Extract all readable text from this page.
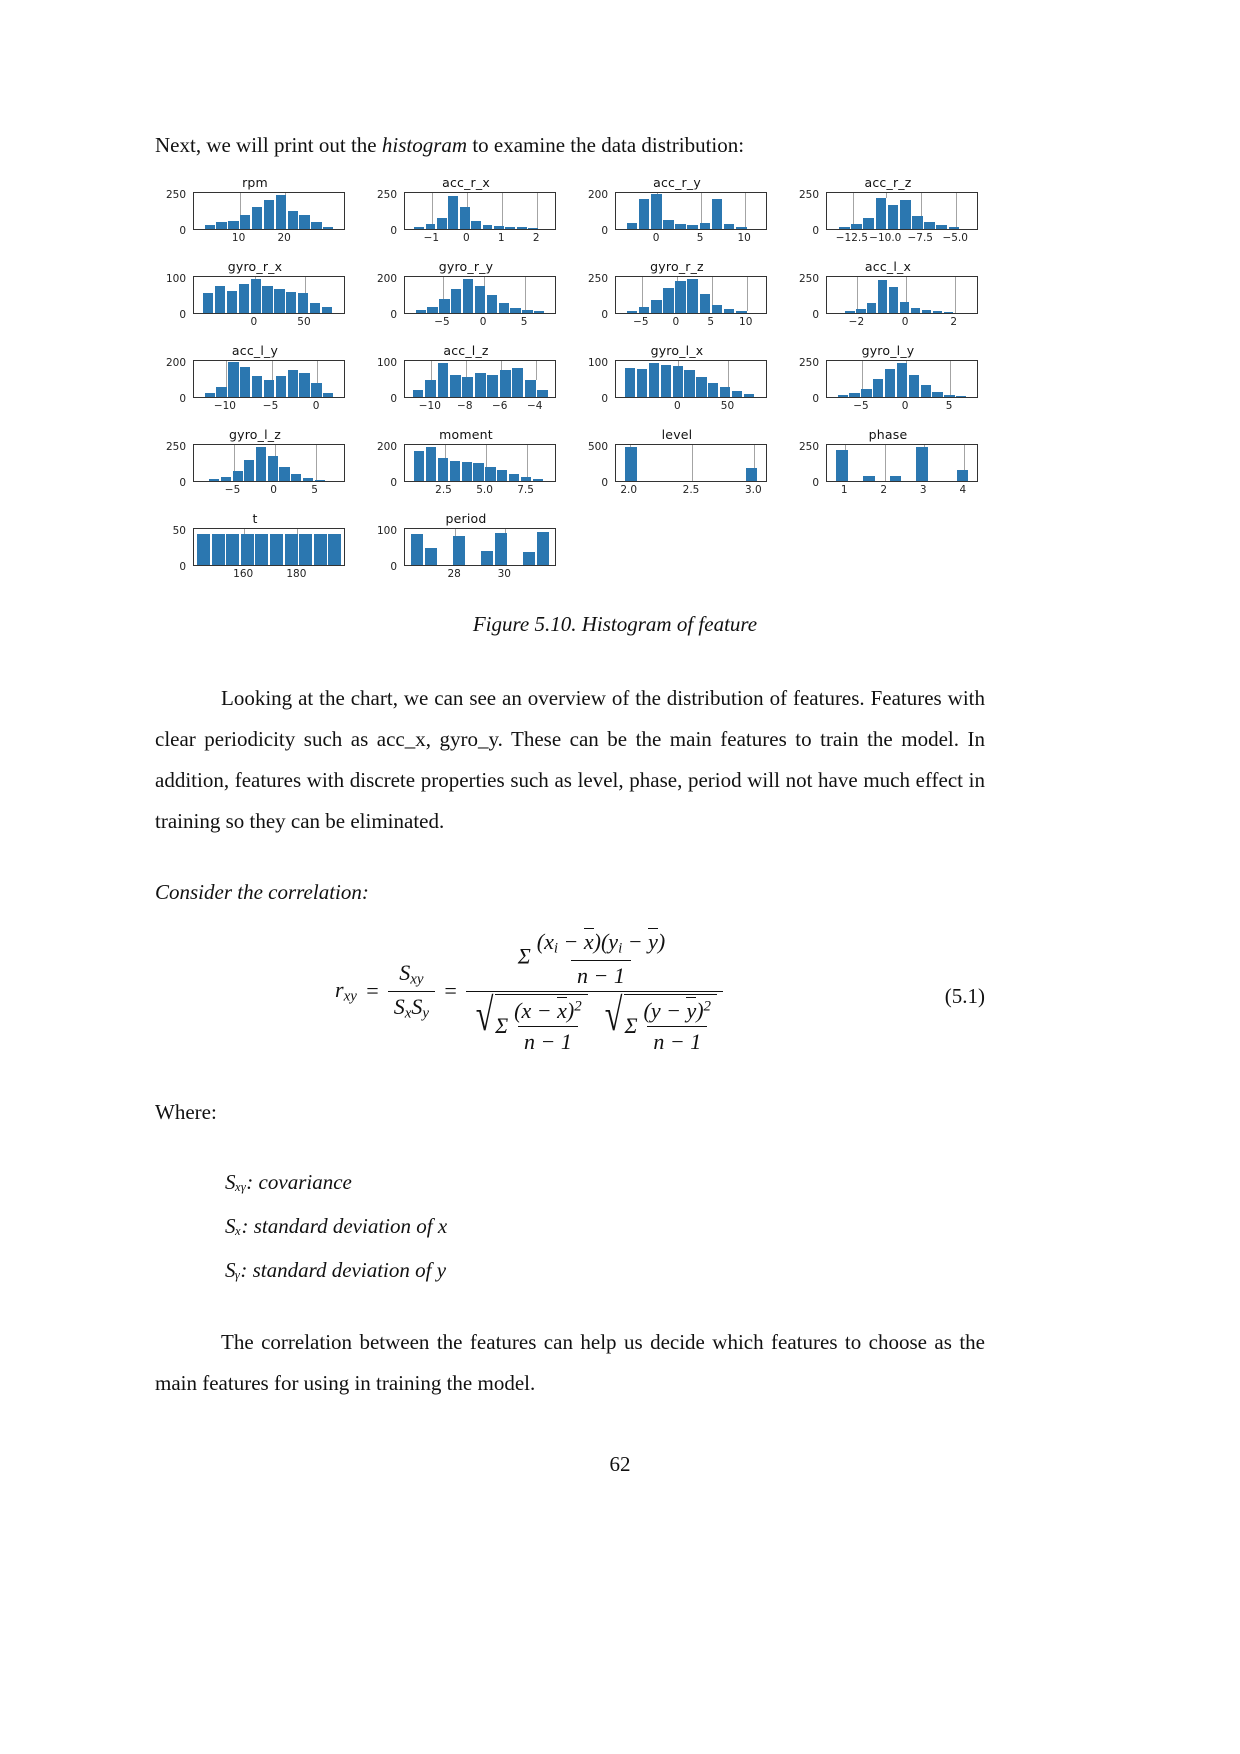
Next, we will print out the histogram to examine the data distribution:
rpm
0
250
10	20
acc_r_x
0
250
−1 0	1	2
acc_r_y
0
200
0	5	10
acc_r_z
0
250
−12.5 −10.0 −7.5 −5.0
gyro_r_x
0
100
0	50
gyro_r_y
0
200
−5	0	5
gyro_r_z
0
250
−5 0	5 10
acc_l_x
0
250
−2	0	2
acc_l_y
0
200
−10	−5	0
acc_l_z
0
100
−10 −8 −6 −4
gyro_l_x
0
100
0	50
gyro_l_y
0
250
−5	0	5
gyro_l_z
0
250
−5	0	5
moment
0
200
2.5 5.0 7.5
level
0
500
2.0	2.5	3.0
phase
0
250
1	2	3	4
t
0
50
160	180
period
0
100
28	30
Figure 5.10. Histogram of feature
Looking at the chart, we can see an overview of the distribution of features. Features with clear periodicity such as acc_x, gyro_y. These can be the main features to train the model. In addition, features with discrete properties such as level, phase, period will not have much effect in training so they can be eliminated.
Consider the correlation:
$r_{xy} = \frac{S_{xy}}{S_xS_y} = \Sigma \frac{(x_i - x)(y_i - y)}{n - 1}$
√ Σ $\frac{(x - x)^2}{n - 1}$
√ Σ $\frac{(y - y)^2}{n - 1}$	(5.1)
Where:
Sₓᵧ: covariance
Sₓ: standard deviation of x
Sᵧ: standard deviation of y
The correlation between the features can help us decide which features to choose as the main features for using in training the model.
62
